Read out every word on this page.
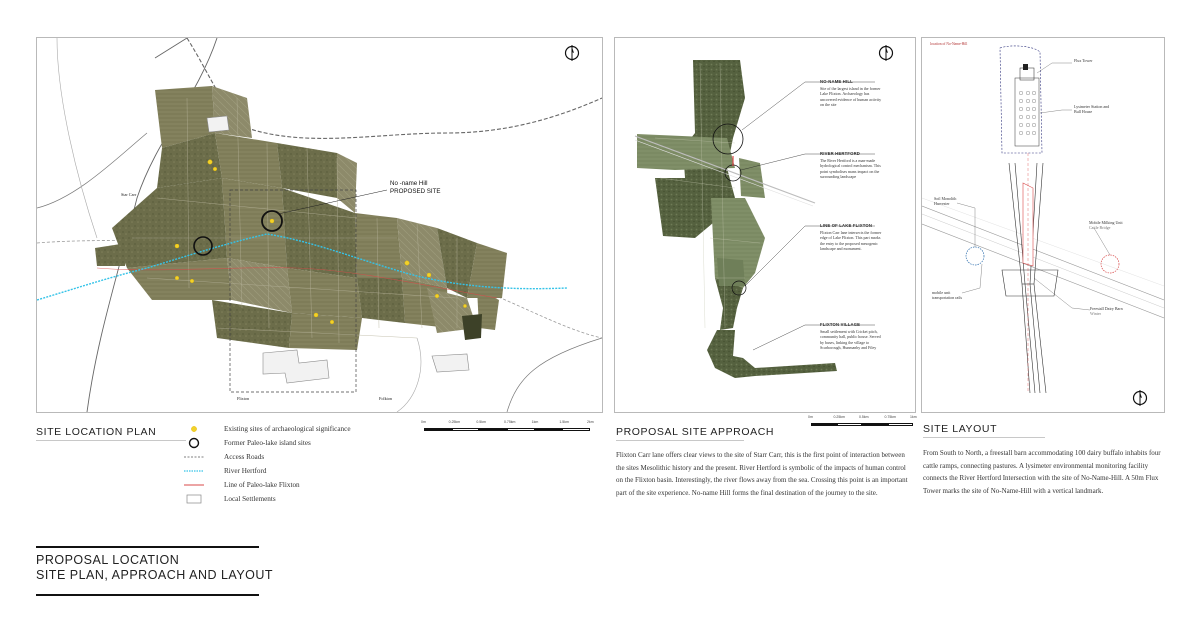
No -name Hill
PROPOSED SITE
Star Carr
Flixton	Folkton
NO-NAME HILL
Site of the largest island in the former Lake Flixton. Archaeology has uncovered evidence of human activity on the site
RIVER HERTFORD
The River Hertford is a man-made hydrological control mechanism. This point symbolises mans impact on the surrounding landscape
LINE OF LAKE FLIXTON
Flixton Carr lane intersects the former edge of Lake Flixton. This part marks the entry to the proposed mesogenic landscape and monument.
FLIXTON VILLAGE
Small settlement with Cricket pitch, community hall, public house. Served by buses, linking the village to Scarborough, Hunmanby and Filey
location of No-Name-Hill
Flux Tower
Lysimeter Station and Bull House
Soil Monolith Harvester
Mobile Milking Unit
Cattle Bridge
mobile unit transportation rails
Freestall Dairy Barn
Winter
SITE LOCATION PLAN	PROPOSAL SITE APPROACH	SITE LAYOUT
Existing sites of archaeological significance
Former Paleo-lake island sites
Access Roads
River Hertford
Line of Paleo-lake Flixton
Local Settlements
0m	0.25km	0.5km	0.75km	1km	1.5km	2km
0m	0.25km	0.5km	0.75km	1km
Flixton Carr lane offers clear views to the site of Starr Carr, this is the first point of interaction between the sites Mesolithic history and the present. River Hertford is symbolic of the impacts of human control on the Flixton basin. Interestingly, the river flows away from the sea. Crossing this point is an important part of the site experience. No-name Hill forms the final destination of the journey to the site.
From South to North, a freestall barn accommodating 100 dairy buffalo inhabits four cattle ramps, connecting pastures. A lysimeter environmental monitoring facility connects the River Hertford Intersection with the site of No-Name-Hill. A 50m Flux Tower marks the site of No-Name-Hill with a vertical landmark.
PROPOSAL LOCATION
SITE PLAN, APPROACH AND LAYOUT
